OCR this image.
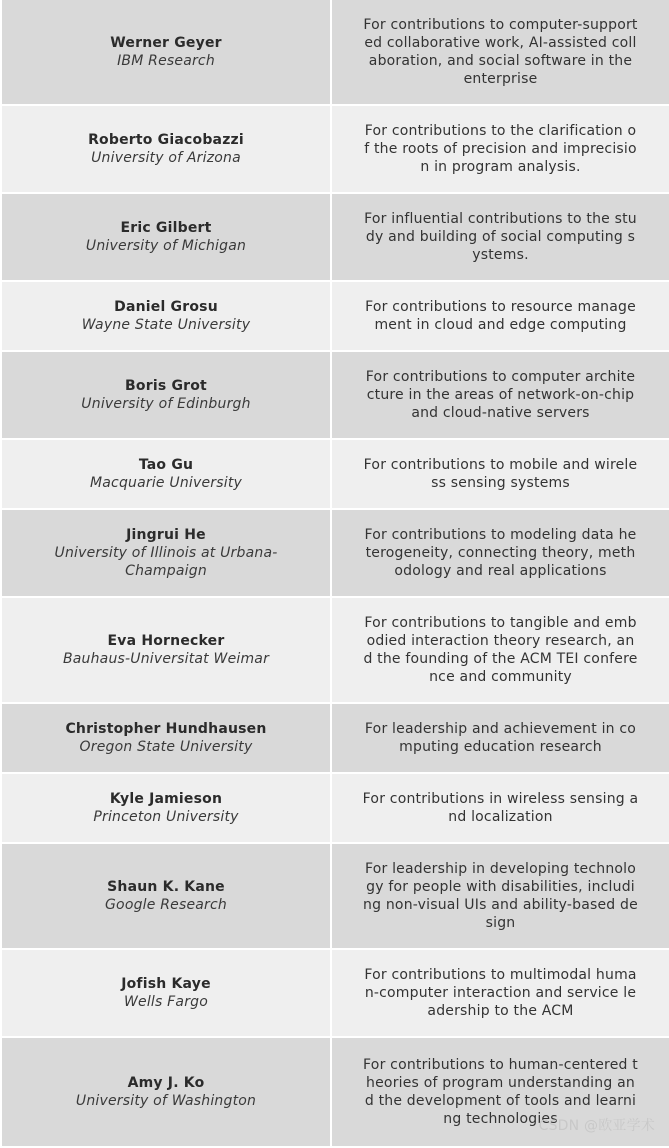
Werner Geyer
IBM Research	For contributions to computer-supported collaborative work, AI-assisted collaboration, and social software in the enterprise

Roberto Giacobazzi
University of Arizona	For contributions to the clarification of the roots of precision and imprecision in program analysis.

Eric Gilbert
University of Michigan	For influential contributions to the study and building of social computing systems.

Daniel Grosu
Wayne State University	For contributions to resource management in cloud and edge computing

Boris Grot
University of Edinburgh	For contributions to computer architecture in the areas of network-on-chip and cloud-native servers

Tao Gu
Macquarie University	For contributions to mobile and wireless sensing systems

Jingrui He
University of Illinois at Urbana-Champaign	For contributions to modeling data heterogeneity, connecting theory, methodology and real applications

Eva Hornecker
Bauhaus-Universitat Weimar	For contributions to tangible and embodied interaction theory research, and the founding of the ACM TEI conference and community

Christopher Hundhausen
Oregon State University	For leadership and achievement in computing education research

Kyle Jamieson
Princeton University	For contributions in wireless sensing and localization

Shaun K. Kane
Google Research	For leadership in developing technology for people with disabilities, including non-visual UIs and ability-based design

Jofish Kaye
Wells Fargo	For contributions to multimodal human-computer interaction and service leadership to the ACM

Amy J. Ko
University of Washington	For contributions to human-centered theories of program understanding and the development of tools and learning technologies
CSDN @欧亚学术
